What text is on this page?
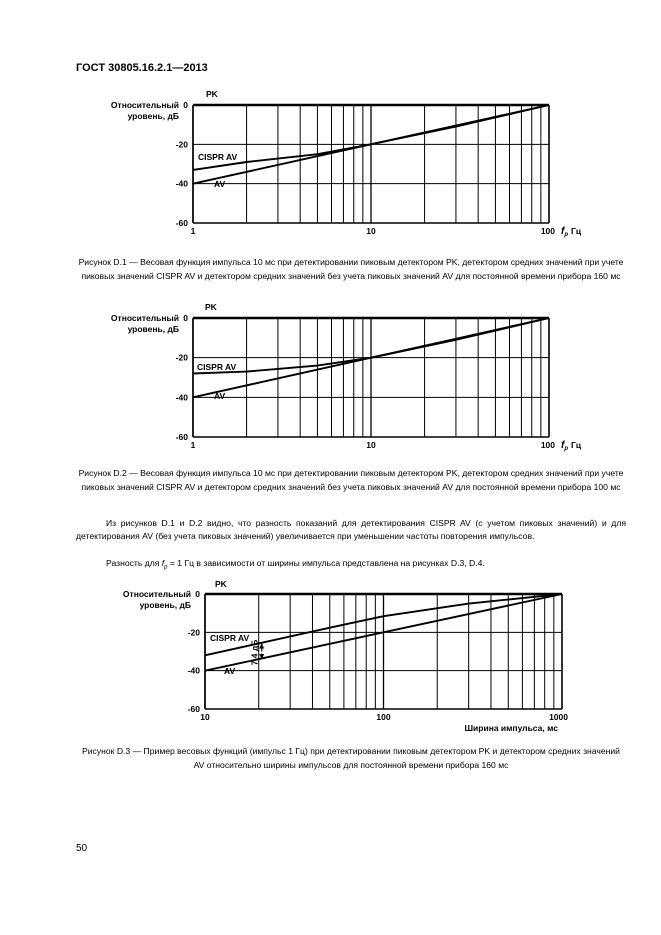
ГОСТ 30805.16.2.1—2013
PK
CISPR AV
AV
0
-20
-40
-60
Относительный
уровень, дБ
1	10	100 $f_p$ Гц
Рисунок D.1 — Весовая функция импульса 10 мс при детектировании пиковым детектором PK, детектором средних значений при учете пиковых значений CISPR AV и детектором средних значений без учета пиковых значений AV для постоянной времени прибора 160 мс
PK
CISPR AV
AV
0
-20
-40
-60
Относительный
уровень, дБ
1	10	100 $f_p$ Гц
Рисунок D.2 — Весовая функция импульса 10 мс при детектировании пиковым детектором PK, детектором средних значений при учете пиковых значений CISPR AV и детектором средних значений без учета пиковых значений AV для постоянной времени прибора 100 мс
Из рисунков D.1 и D.2 видно, что разность показаний для детектирования CISPR AV (с учетом пиковых значений) и для детектирования AV (без учета пиковых значений) увеличивается при уменьшении частоты повторения импульсов.
Разность для $f_p = 1$ Гц в зависимости от ширины импульса представлена на рисунках D.3, D.4.
PK
CISPR AV
AV
0
-20
-40
-60
Относительный
уровень, дБ
10	100	1000
Ширина импульса, мс
7,4 дБ
Рисунок D.3 — Пример весовых функций (импульс 1 Гц) при детектировании пиковым детектором PK и детектором средних значений AV относительно ширины импульсов для постоянной времени прибора 160 мс
50
